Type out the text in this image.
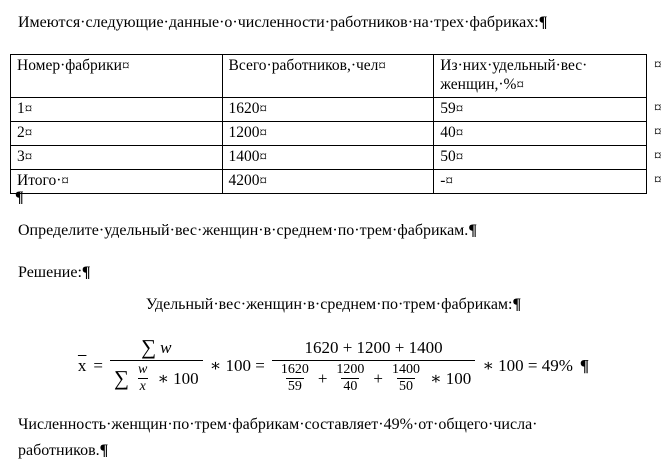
Имеются·следующие·данные·о·численности·работников·на·трех·фабриках:¶

Номер·фабрики¤	Всего·работников,·чел¤	Из·них·удельный·вес·
женщин,·%¤	¤
1¤	1620¤	59¤	¤
2¤	1200¤	40¤	¤
3¤	1400¤	50¤	¤
Итого·¤	4200¤	-¤	¤

¶

Определите·удельный·вес·женщин·в·среднем·по·трем·фабрикам.¶

Решение:¶

Удельный·вес·женщин·в·среднем·по·трем·фабрикам:¶

$\overline{x} = \frac{\sum w}{\sum \frac{w}{x} ∗ 100}$ ∗ 100 =
1620 + 1200 + 1400
$\frac{1620}{59} + \frac{1200}{40} + \frac{1400}{50}$ ∗ 100
∗ 100 = 49% ¶

Численность·женщин·по·трем·фабрикам·составляет·49%·от·общего·числа·
работников.¶
